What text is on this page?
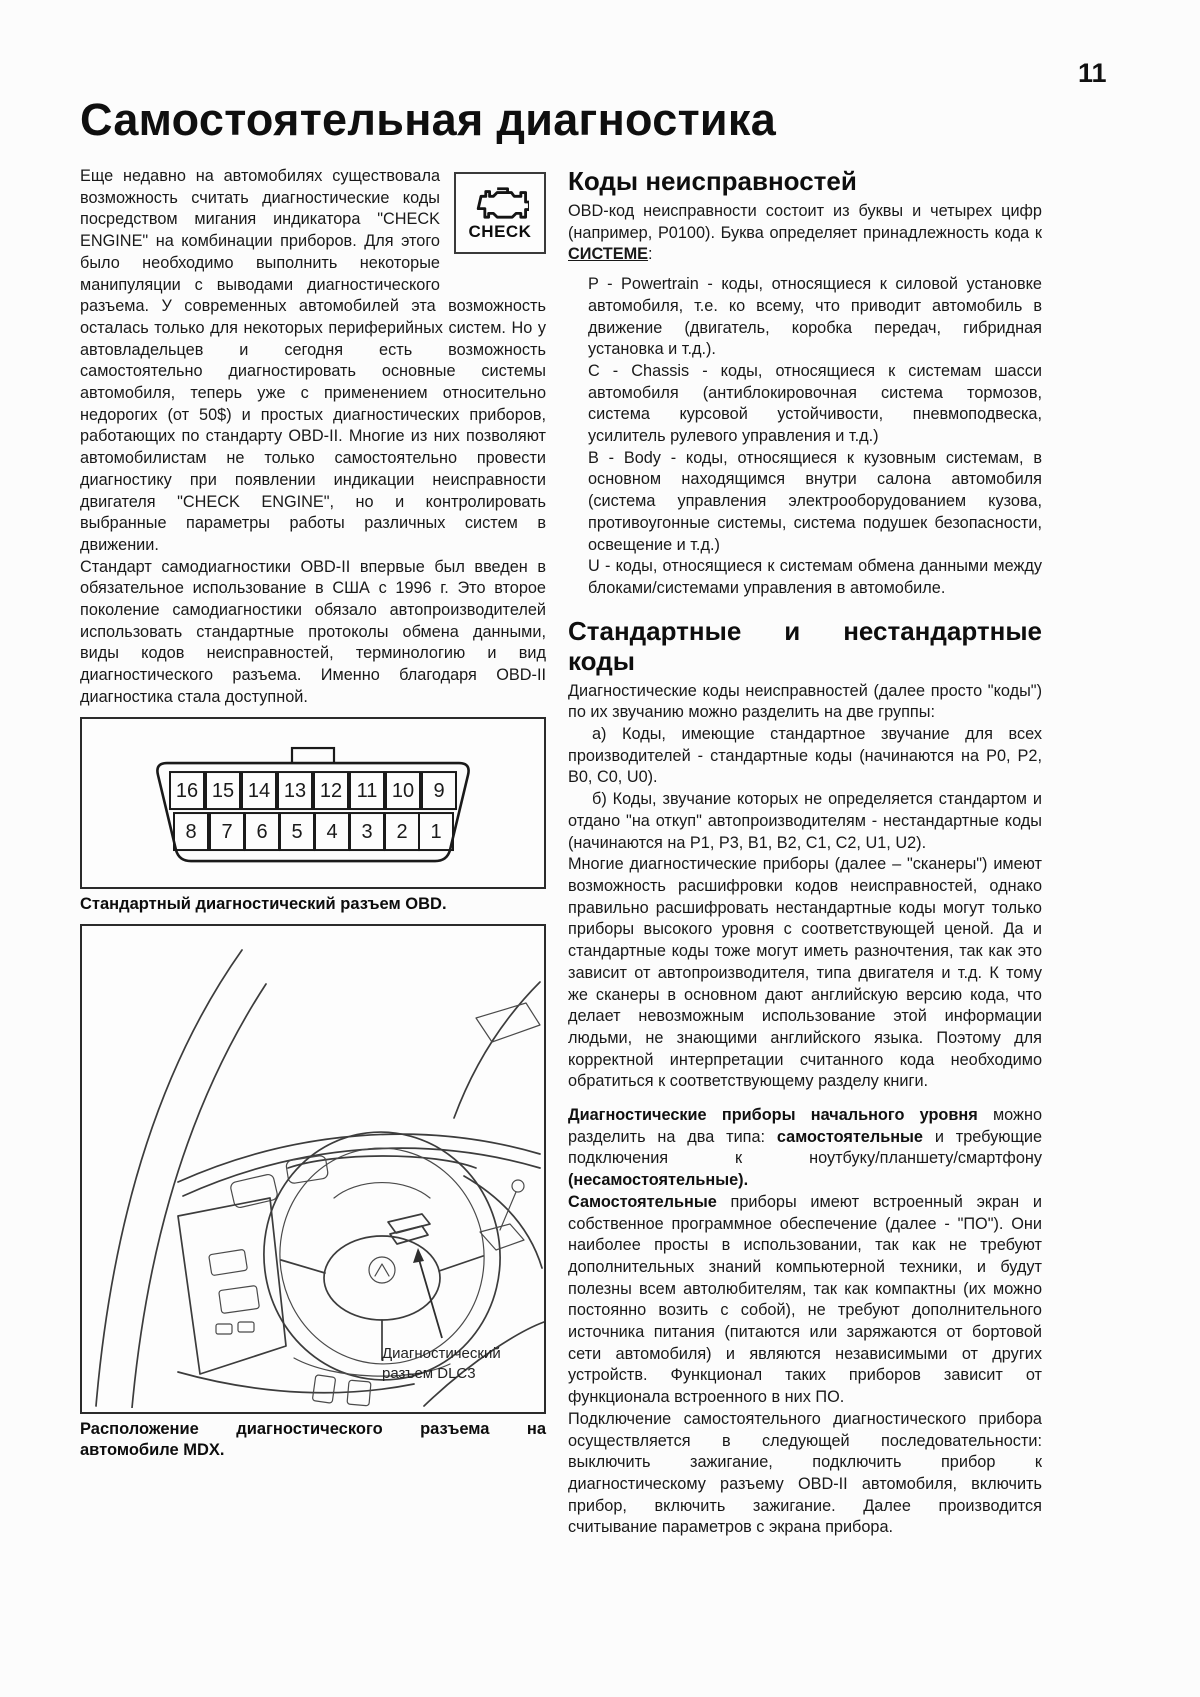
11
Самостоятельная диагностика
CHECK

Еще недавно на автомобилях существовала возможность считать диагностические коды посредством мигания индикатора "CHECK ENGINE" на комбинации приборов. Для этого было необходимо выполнить некоторые манипуляции с выводами диагностического разъема. У современных автомобилей эта возможность осталась только для некоторых периферийных систем. Но у автовладельцев и сегодня есть возможность самостоятельно диагностировать основные системы автомобиля, теперь уже с применением относительно недорогих (от 50$) и простых диагностических приборов, работающих по стандарту OBD-II. Многие из них позволяют автомобилистам не только самостоятельно провести диагностику при появлении индикации неисправности двигателя "CHECK ENGINE", но и контролировать выбранные параметры работы различных систем в движении.

Стандарт самодиагностики OBD-II впервые был введен в обязательное использование в США с 1996 г. Это второе поколение самодиагностики обязало автопроизводителей использовать стандартные протоколы обмена данными, виды кодов неисправностей, терминологию и вид диагностического разъема. Именно благодаря OBD-II диагностика стала доступной.

16 15 14 13 12 11 10 9
8 7 6 5 4 3 2 1
Стандартный диагностический разъем OBD.
Диагностический
разъем DLC3
Расположение диагностического разъема на автомобиле MDX.
Коды неисправностей

OBD-код неисправности состоит из буквы и четырех цифр (например, P0100). Буква определяет принадлежность кода к СИСТЕМЕ:

P - Powertrain - коды, относящиеся к силовой установке автомобиля, т.е. ко всему, что приводит автомобиль в движение (двигатель, коробка передач, гибридная установка и т.д.).

C - Chassis - коды, относящиеся к системам шасси автомобиля (антиблокировочная система тормозов, система курсовой устойчивости, пневмоподвеска, усилитель рулевого управления и т.д.)

B - Body - коды, относящиеся к кузовным системам, в основном находящимся внутри салона автомобиля (система управления электрооборудованием кузова, противоугонные системы, система подушек безопасности, освещение и т.д.)

U - коды, относящиеся к системам обмена данными между блоками/системами управления в автомобиле.

Стандартные и нестандартные коды

Диагностические коды неисправностей (далее просто "коды") по их звучанию можно разделить на две группы:

а) Коды, имеющие стандартное звучание для всех производителей - стандартные коды (начинаются на P0, P2, B0, C0, U0).

б) Коды, звучание которых не определяется стандартом и отдано "на откуп" автопроизводителям - нестандартные коды (начинаются на P1, P3, B1, B2, C1, C2, U1, U2).

Многие диагностические приборы (далее – "сканеры") имеют возможность расшифровки кодов неисправностей, однако правильно расшифровать нестандартные коды могут только приборы высокого уровня с соответствующей ценой. Да и стандартные коды тоже могут иметь разночтения, так как это зависит от автопроизводителя, типа двигателя и т.д. К тому же сканеры в основном дают английскую версию кода, что делает невозможным использование этой информации людьми, не знающими английского языка. Поэтому для корректной интерпретации считанного кода необходимо обратиться к соответствующему разделу книги.

Диагностические приборы начального уровня можно разделить на два типа: самостоятельные и требующие подключения к ноутбуку/планшету/смартфону (несамостоятельные).

Самостоятельные приборы имеют встроенный экран и собственное программное обеспечение (далее - "ПО"). Они наиболее просты в использовании, так как не требуют дополнительных знаний компьютерной техники, и будут полезны всем автолюбителям, так как компактны (их можно постоянно возить с собой), не требуют дополнительного источника питания (питаются или заряжаются от бортовой сети автомобиля) и являются независимыми от других устройств. Функционал таких приборов зависит от функционала встроенного в них ПО.

Подключение самостоятельного диагностического прибора осуществляется в следующей последовательности: выключить зажигание, подключить прибор к диагностическому разъему OBD-II автомобиля, включить прибор, включить зажигание. Далее производится считывание параметров с экрана прибора.
